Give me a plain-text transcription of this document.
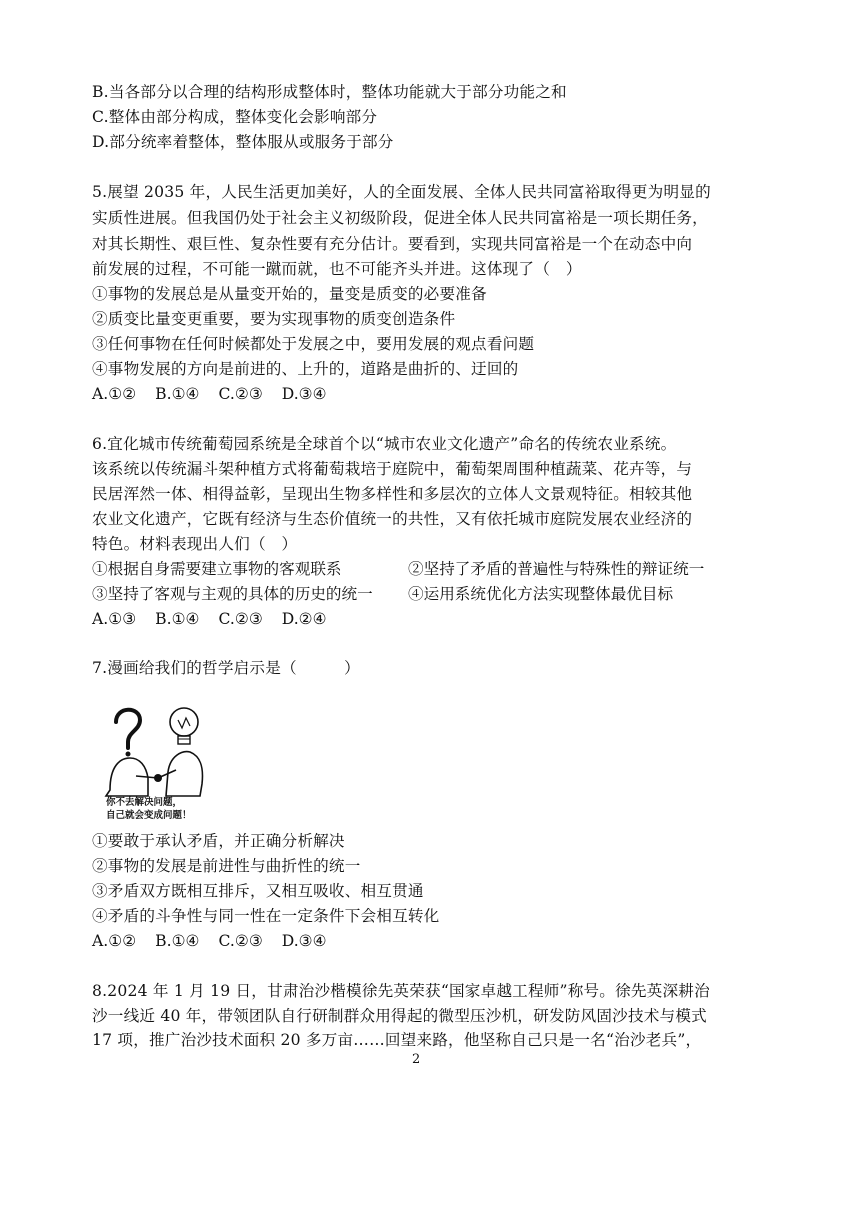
B.当各部分以合理的结构形成整体时，整体功能就大于部分功能之和
C.整体由部分构成，整体变化会影响部分
D.部分统率着整体，整体服从或服务于部分
5.展望 2035 年，人民生活更加美好，人的全面发展、全体人民共同富裕取得更为明显的
实质性进展。但我国仍处于社会主义初级阶段，促进全体人民共同富裕是一项长期任务，
对其长期性、艰巨性、复杂性要有充分估计。要看到，实现共同富裕是一个在动态中向
前发展的过程，不可能一蹴而就，也不可能齐头并进。这体现了（　）
①事物的发展总是从量变开始的，量变是质变的必要准备
②质变比量变更重要，要为实现事物的质变创造条件
③任何事物在任何时候都处于发展之中，要用发展的观点看问题
④事物发展的方向是前进的、上升的，道路是曲折的、迂回的
A.①② B.①④ C.②③ D.③④
6.宜化城市传统葡萄园系统是全球首个以“城市农业文化遗产”命名的传统农业系统。
该系统以传统漏斗架种植方式将葡萄栽培于庭院中，葡萄架周围种植蔬菜、花卉等，与
民居浑然一体、相得益彰，呈现出生物多样性和多层次的立体人文景观特征。相较其他
农业文化遗产，它既有经济与生态价值统一的共性，又有依托城市庭院发展农业经济的
特色。材料表现出人们（　）
①根据自身需要建立事物的客观联系	②坚持了矛盾的普遍性与特殊性的辩证统一
③坚持了客观与主观的具体的历史的统一 ④运用系统优化方法实现整体最优目标
A.①③ B.①④ C.②③ D.②④
7.漫画给我们的哲学启示是（　　　）
你不去解决问题，
自己就会变成问题！
①要敢于承认矛盾，并正确分析解决
②事物的发展是前进性与曲折性的统一
③矛盾双方既相互排斥，又相互吸收、相互贯通
④矛盾的斗争性与同一性在一定条件下会相互转化
A.①② B.①④ C.②③ D.③④
8.2024 年 1 月 19 日，甘肃治沙楷模徐先英荣获“国家卓越工程师”称号。徐先英深耕治
沙一线近 40 年，带领团队自行研制群众用得起的微型压沙机，研发防风固沙技术与模式
17 项，推广治沙技术面积 20 多万亩……回望来路，他坚称自己只是一名“治沙老兵”，
2
